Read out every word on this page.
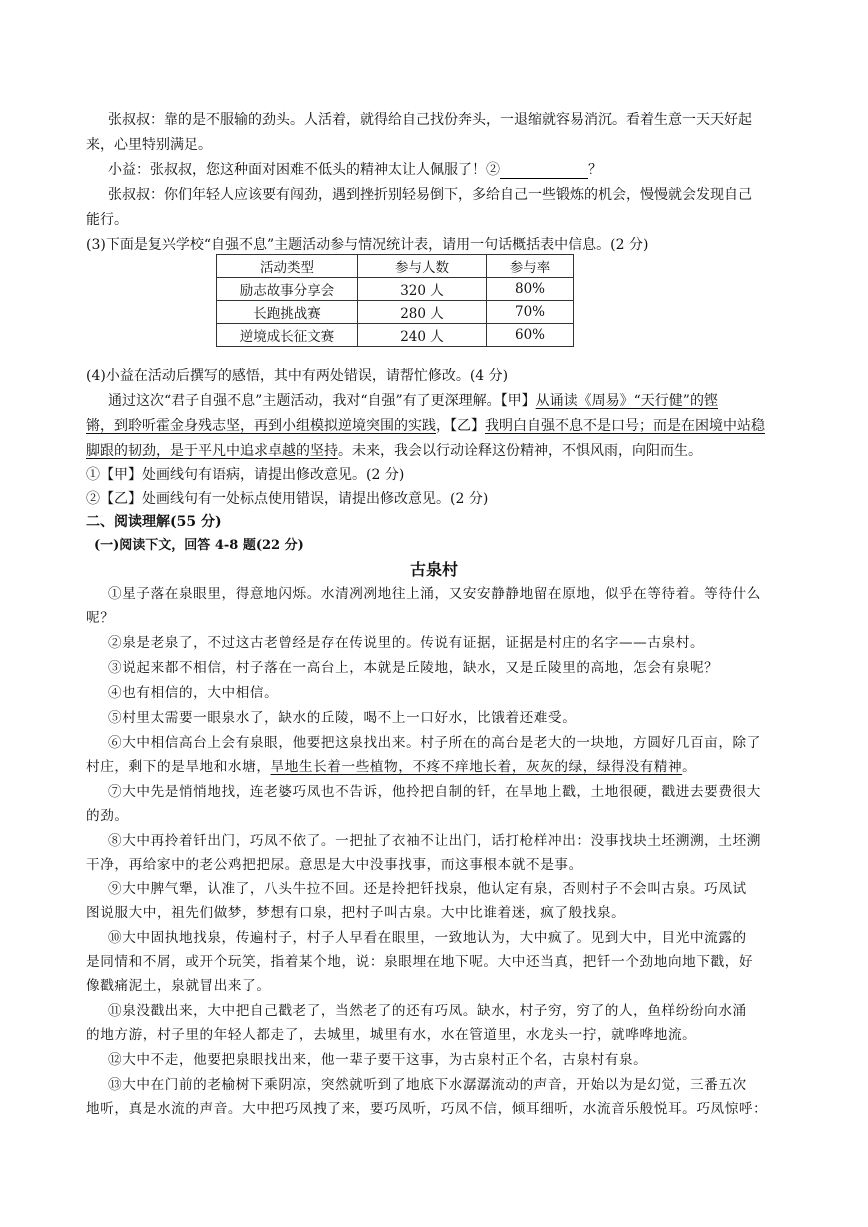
张叔叔：靠的是不服输的劲头。人活着，就得给自己找份奔头，一退缩就容易消沉。看着生意一天天好起
来，心里特别满足。
小益：张叔叔，您这种面对困难不低头的精神太让人佩服了！②	？
张叔叔：你们年轻人应该要有闯劲，遇到挫折别轻易倒下，多给自己一些锻炼的机会，慢慢就会发现自己
能行。
(3)下面是复兴学校“自强不息”主题活动参与情况统计表，请用一句话概括表中信息。(2 分)
活动类型	参与人数	参与率
励志故事分享会	320 人	80%
长跑挑战赛	280 人	70%
逆境成长征文赛	240 人	60%
(4)小益在活动后撰写的感悟，其中有两处错误，请帮忙修改。(4 分)
通过这次“君子自强不息”主题活动，我对“自强”有了更深理解。【甲】从诵读《周易》“天行健”的铿
锵，到聆听霍金身残志坚，再到小组模拟逆境突围的实践，【乙】我明白自强不息不是口号；而是在困境中站稳
脚跟的韧劲，是于平凡中追求卓越的坚持。未来，我会以行动诠释这份精神，不惧风雨，向阳而生。
①【甲】处画线句有语病，请提出修改意见。(2 分)
②【乙】处画线句有一处标点使用错误，请提出修改意见。(2 分)
二、阅读理解(55 分)
(一)阅读下文，回答 4-8 题(22 分)
古泉村
①星子落在泉眼里，得意地闪烁。水清冽冽地往上涌，又安安静静地留在原地，似乎在等待着。等待什么
呢？
②泉是老泉了，不过这古老曾经是存在传说里的。传说有证据，证据是村庄的名字——古泉村。
③说起来都不相信，村子落在一高台上，本就是丘陵地，缺水，又是丘陵里的高地，怎会有泉呢？
④也有相信的，大中相信。
⑤村里太需要一眼泉水了，缺水的丘陵，喝不上一口好水，比饿着还难受。
⑥大中相信高台上会有泉眼，他要把这泉找出来。村子所在的高台是老大的一块地，方圆好几百亩，除了
村庄，剩下的是旱地和水塘，旱地生长着一些植物，不疼不痒地长着，灰灰的绿，绿得没有精神。
⑦大中先是悄悄地找，连老婆巧凤也不告诉，他拎把自制的钎，在旱地上戳，土地很硬，戳进去要费很大
的劲。
⑧大中再拎着钎出门，巧凤不依了。一把扯了衣袖不让出门，话打枪样冲出：没事找块土坯溯溯，土坯溯
干净，再给家中的老公鸡把把尿。意思是大中没事找事，而这事根本就不是事。
⑨大中脾气犟，认准了，八头牛拉不回。还是拎把钎找泉，他认定有泉，否则村子不会叫古泉。巧凤试
图说服大中，祖先们做梦，梦想有口泉，把村子叫古泉。大中比谁着迷，疯了般找泉。
⑩大中固执地找泉，传遍村子，村子人早看在眼里，一致地认为，大中疯了。见到大中，目光中流露的
是同情和不屑，或开个玩笑，指着某个地，说：泉眼埋在地下呢。大中还当真，把钎一个劲地向地下戳，好
像戳痛泥土，泉就冒出来了。
⑪泉没戳出来，大中把自己戳老了，当然老了的还有巧凤。缺水，村子穷，穷了的人，鱼样纷纷向水涌
的地方游，村子里的年轻人都走了，去城里，城里有水，水在管道里，水龙头一拧，就哗哗地流。
⑫大中不走，他要把泉眼找出来，他一辈子要干这事，为古泉村正个名，古泉村有泉。
⑬大中在门前的老榆树下乘阴凉，突然就听到了地底下水潺潺流动的声音，开始以为是幻觉，三番五次
地听，真是水流的声音。大中把巧凤拽了来，要巧凤听，巧凤不信，倾耳细听，水流音乐般悦耳。巧凤惊呼：
